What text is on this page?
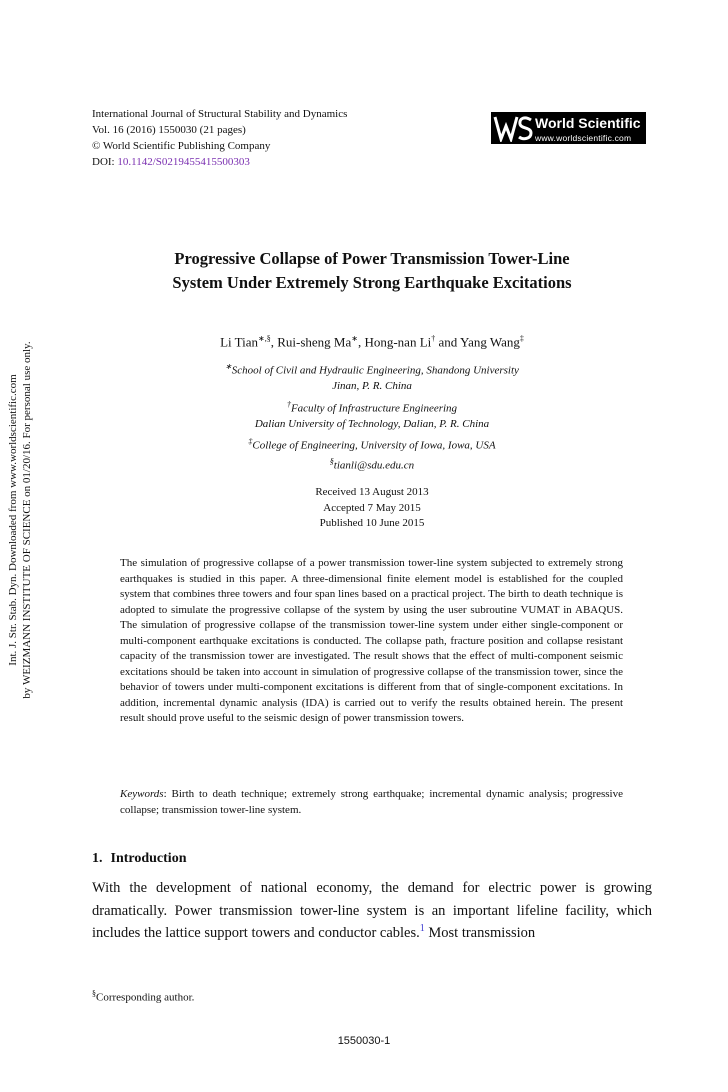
International Journal of Structural Stability and Dynamics
Vol. 16 (2016) 1550030 (21 pages)
© World Scientific Publishing Company
DOI: 10.1142/S0219455415500303
World Scientific
www.worldscientific.com
Progressive Collapse of Power Transmission Tower-Line
System Under Extremely Strong Earthquake Excitations
Li Tian∗,§, Rui-sheng Ma∗, Hong-nan Li† and Yang Wang‡
∗School of Civil and Hydraulic Engineering, Shandong University
Jinan, P. R. China
†Faculty of Infrastructure Engineering
Dalian University of Technology, Dalian, P. R. China
‡College of Engineering, University of Iowa, Iowa, USA
§tianli@sdu.edu.cn
Received 13 August 2013
Accepted 7 May 2015
Published 10 June 2015
The simulation of progressive collapse of a power transmission tower-line system subjected to extremely strong earthquakes is studied in this paper. A three-dimensional finite element model is established for the coupled system that combines three towers and four span lines based on a practical project. The birth to death technique is adopted to simulate the progressive collapse of the system by using the user subroutine VUMAT in ABAQUS. The simulation of progressive collapse of the transmission tower-line system under either single-component or multi-component earthquake excitations is conducted. The collapse path, fracture position and collapse resistant capacity of the transmission tower are investigated. The result shows that the effect of multi-component seismic excitations should be taken into account in simulation of progressive collapse of the transmission tower, since the behavior of towers under multi-component excitations is different from that of single-component excitations. In addition, incremental dynamic analysis (IDA) is carried out to verify the results obtained herein. The present result should prove useful to the seismic design of power transmission towers.
Keywords: Birth to death technique; extremely strong earthquake; incremental dynamic analysis; progressive collapse; transmission tower-line system.
1. Introduction
With the development of national economy, the demand for electric power is growing dramatically. Power transmission tower-line system is an important lifeline facility, which includes the lattice support towers and conductor cables.$^1$ Most transmission
§Corresponding author.
1550030-1
Int. J. Str. Stab. Dyn. Downloaded from www.worldscientific.com by WEIZMANN INSTITUTE OF SCIENCE on 01/20/16. For personal use only.
